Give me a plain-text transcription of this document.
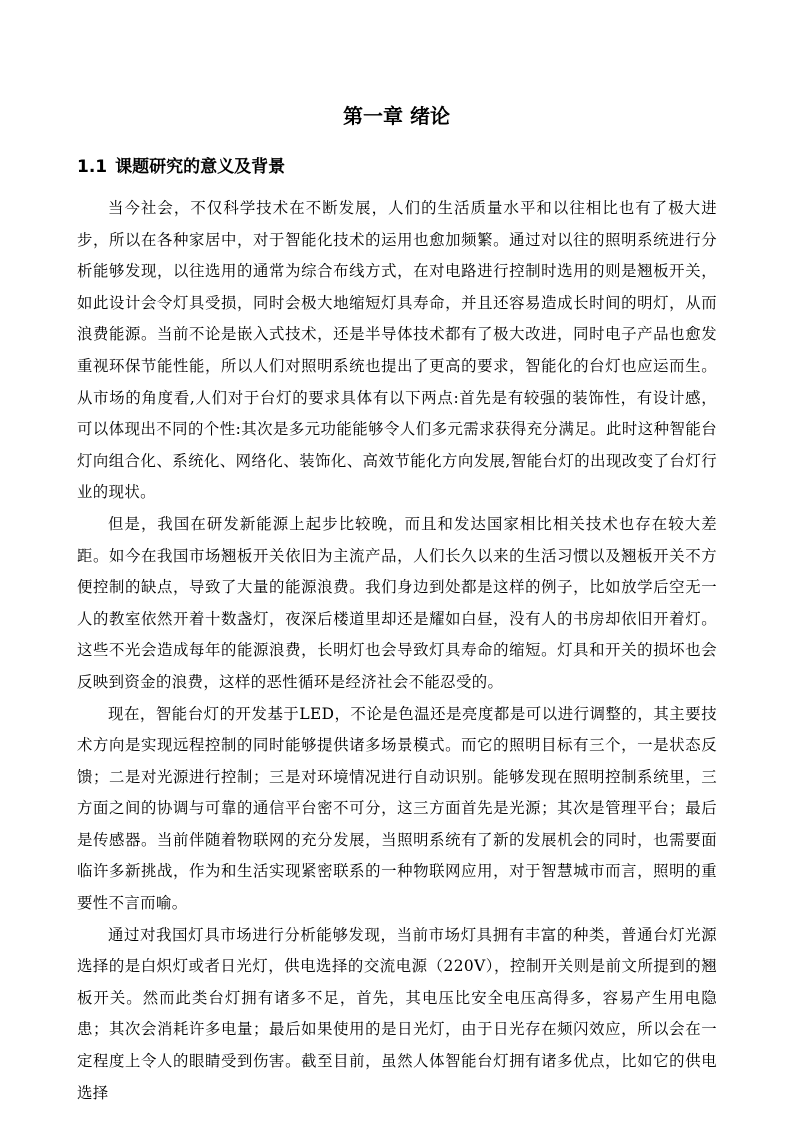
第一章 绪论
1.1 课题研究的意义及背景

当今社会，不仅科学技术在不断发展，人们的生活质量水平和以往相比也有了极大进步，所以在各种家居中，对于智能化技术的运用也愈加频繁。通过对以往的照明系统进行分析能够发现，以往选用的通常为综合布线方式，在对电路进行控制时选用的则是翘板开关，如此设计会令灯具受损，同时会极大地缩短灯具寿命，并且还容易造成长时间的明灯，从而浪费能源。当前不论是嵌入式技术，还是半导体技术都有了极大改进，同时电子产品也愈发重视环保节能性能，所以人们对照明系统也提出了更高的要求，智能化的台灯也应运而生。从市场的角度看,人们对于台灯的要求具体有以下两点:首先是有较强的装饰性，有设计感，可以体现出不同的个性:其次是多元功能能够令人们多元需求获得充分满足。此时这种智能台灯向组合化、系统化、网络化、装饰化、高效节能化方向发展,智能台灯的出现改变了台灯行业的现状。

但是，我国在研发新能源上起步比较晚，而且和发达国家相比相关技术也存在较大差距。如今在我国市场翘板开关依旧为主流产品，人们长久以来的生活习惯以及翘板开关不方便控制的缺点，导致了大量的能源浪费。我们身边到处都是这样的例子，比如放学后空无一人的教室依然开着十数盏灯，夜深后楼道里却还是耀如白昼，没有人的书房却依旧开着灯。这些不光会造成每年的能源浪费，长明灯也会导致灯具寿命的缩短。灯具和开关的损坏也会反映到资金的浪费，这样的恶性循环是经济社会不能忍受的。

现在，智能台灯的开发基于LED，不论是色温还是亮度都是可以进行调整的，其主要技术方向是实现远程控制的同时能够提供诸多场景模式。而它的照明目标有三个，一是状态反馈；二是对光源进行控制；三是对环境情况进行自动识别。能够发现在照明控制系统里，三方面之间的协调与可靠的通信平台密不可分，这三方面首先是光源；其次是管理平台；最后是传感器。当前伴随着物联网的充分发展，当照明系统有了新的发展机会的同时，也需要面临许多新挑战，作为和生活实现紧密联系的一种物联网应用，对于智慧城市而言，照明的重要性不言而喻。

通过对我国灯具市场进行分析能够发现，当前市场灯具拥有丰富的种类，普通台灯光源选择的是白炽灯或者日光灯，供电选择的交流电源（220V），控制开关则是前文所提到的翘板开关。然而此类台灯拥有诸多不足，首先，其电压比安全电压高得多，容易产生用电隐患；其次会消耗许多电量；最后如果使用的是日光灯，由于日光存在频闪效应，所以会在一定程度上令人的眼睛受到伤害。截至目前，虽然人体智能台灯拥有诸多优点，比如它的供电选择
